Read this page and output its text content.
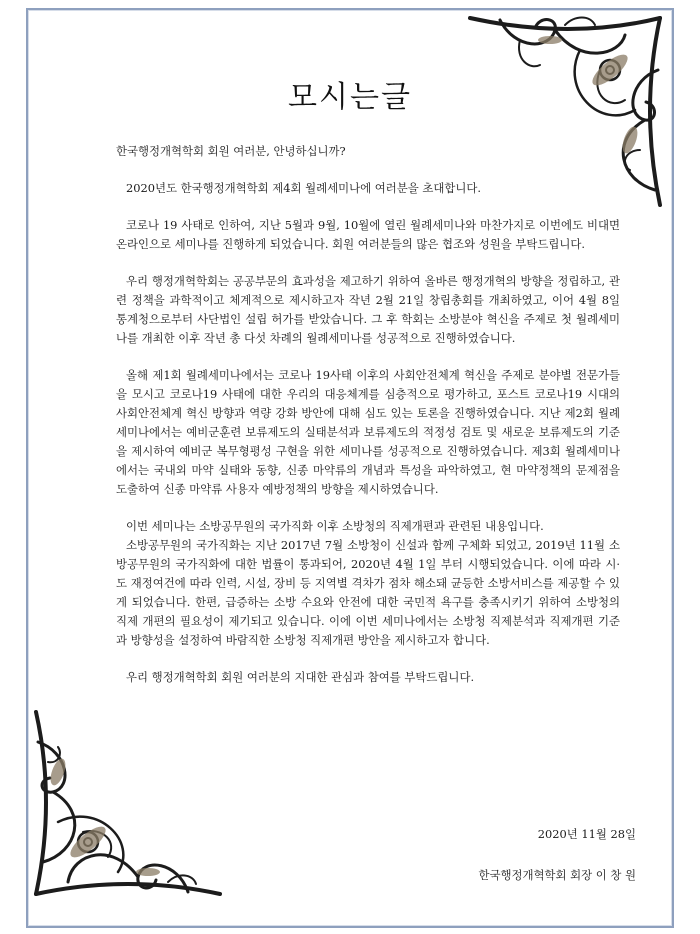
모시는글

한국행정개혁학회 회원 여러분, 안녕하십니까?

2020년도 한국행정개혁학회 제4회 월례세미나에 여러분을 초대합니다.

코로나 19 사태로 인하여, 지난 5월과 9월, 10월에 열린 월례세미나와 마찬가지로 이번에도 비대면 온라인으로 세미나를 진행하게 되었습니다. 회원 여러분들의 많은 협조와 성원을 부탁드립니다.

우리 행정개혁학회는 공공부문의 효과성을 제고하기 위하여 올바른 행정개혁의 방향을 정립하고, 관련 정책을 과학적이고 체계적으로 제시하고자 작년 2월 21일 창립총회를 개최하였고, 이어 4월 8일 통계청으로부터 사단법인 설립 허가를 받았습니다. 그 후 학회는 소방분야 혁신을 주제로 첫 월례세미나를 개최한 이후 작년 총 다섯 차례의 월례세미나를 성공적으로 진행하였습니다.

올해 제1회 월례세미나에서는 코로나 19사태 이후의 사회안전체계 혁신을 주제로 분야별 전문가들을 모시고 코로나19 사태에 대한 우리의 대응체계를 심층적으로 평가하고, 포스트 코로나19 시대의 사회안전체계 혁신 방향과 역량 강화 방안에 대해 심도 있는 토론을 진행하였습니다. 지난 제2회 월례세미나에서는 예비군훈련 보류제도의 실태분석과 보류제도의 적정성 검토 및 새로운 보류제도의 기준을 제시하여 예비군 복무형평성 구현을 위한 세미나를 성공적으로 진행하였습니다. 제3회 월례세미나에서는 국내외 마약 실태와 동향, 신종 마약류의 개념과 특성을 파악하였고, 현 마약정책의 문제점을 도출하여 신종 마약류 사용자 예방정책의 방향을 제시하였습니다.

이번 세미나는 소방공무원의 국가직화 이후 소방청의 직제개편과 관련된 내용입니다.

소방공무원의 국가직화는 지난 2017년 7월 소방청이 신설과 함께 구체화 되었고, 2019년 11월 소방공무원의 국가직화에 대한 법률이 통과되어, 2020년 4월 1일 부터 시행되었습니다. 이에 따라 시·도 재정여건에 따라 인력, 시설, 장비 등 지역별 격차가 점차 해소돼 균등한 소방서비스를 제공할 수 있게 되었습니다. 한편, 급증하는 소방 수요와 안전에 대한 국민적 욕구를 충족시키기 위하여 소방청의 직제 개편의 필요성이 제기되고 있습니다. 이에 이번 세미나에서는 소방청 직제분석과 직제개편 기준과 방향성을 설정하여 바람직한 소방청 직제개편 방안을 제시하고자 합니다.

우리 행정개혁학회 회원 여러분의 지대한 관심과 참여를 부탁드립니다.

2020년 11월 28일
한국행정개혁학회 회장 이 창 원
